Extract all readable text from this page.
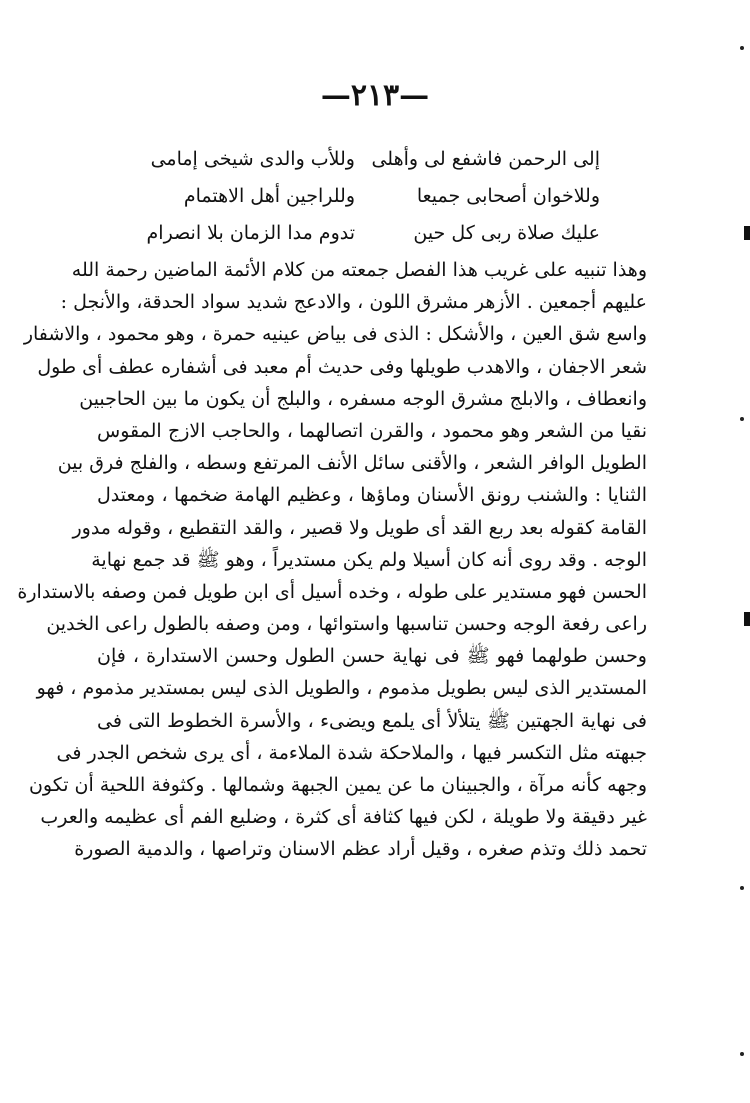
—٢١٣—
إلى الرحمن فاشفع لى وأهلى
وللأب والدى شيخى إمامى
وللاخوان أصحابى جميعا
وللراجين أهل الاهتمام
عليك صلاة ربى كل حين
تدوم مدا الزمان بلا انصرام
وهذا تنبيه على غريب هذا الفصل جمعته من كلام الأئمة الماضين رحمة الله
عليهم أجمعين . الأزهر مشرق اللون ، والادعج شديد سواد الحدقة، والأنجل :
واسع شق العين ، والأشكل : الذى فى بياض عينيه حمرة ، وهو محمود ، والاشفار
شعر الاجفان ، والاهدب طويلها وفى حديث أم معبد فى أشفاره عطف أى طول
وانعطاف ، والابلج مشرق الوجه مسفره ، والبلج أن يكون ما بين الحاجبين
نقيا من الشعر وهو محمود ، والقرن اتصالهما ، والحاجب الازج المقوس
الطويل الوافر الشعر ، والأقنى سائل الأنف المرتفع وسطه ، والفلج فرق بين
الثنايا : والشنب رونق الأسنان وماؤها ، وعظيم الهامة ضخمها ، ومعتدل
القامة كقوله بعد ربع القد أى طويل ولا قصير ، والقد التقطيع ، وقوله مدور
الوجه . وقد روى أنه كان أسيلا ولم يكن مستديراً ، وهو ﷺ قد جمع نهاية
الحسن فهو مستدير على طوله ، وخده أسيل أى ابن طويل فمن وصفه بالاستدارة
راعى رفعة الوجه وحسن تناسبها واستوائها ، ومن وصفه بالطول راعى الخدين
وحسن طولهما فهو ﷺ فى نهاية حسن الطول وحسن الاستدارة ، فإن
المستدير الذى ليس بطويل مذموم ، والطويل الذى ليس بمستدير مذموم ، فهو
فى نهاية الجهتين ﷺ يتلألأ أى يلمع ويضىء ، والأسرة الخطوط التى فى
جبهته مثل التكسر فيها ، والملاحكة شدة الملاءمة ، أى يرى شخص الجدر فى
وجهه كأنه مرآة ، والجبينان ما عن يمين الجبهة وشمالها . وكثوفة اللحية أن تكون
غير دقيقة ولا طويلة ، لكن فيها كثافة أى كثرة ، وضليع الفم أى عظيمه والعرب
تحمد ذلك وتذم صغره ، وقيل أراد عظم الاسنان وتراصها ، والدمية الصورة
